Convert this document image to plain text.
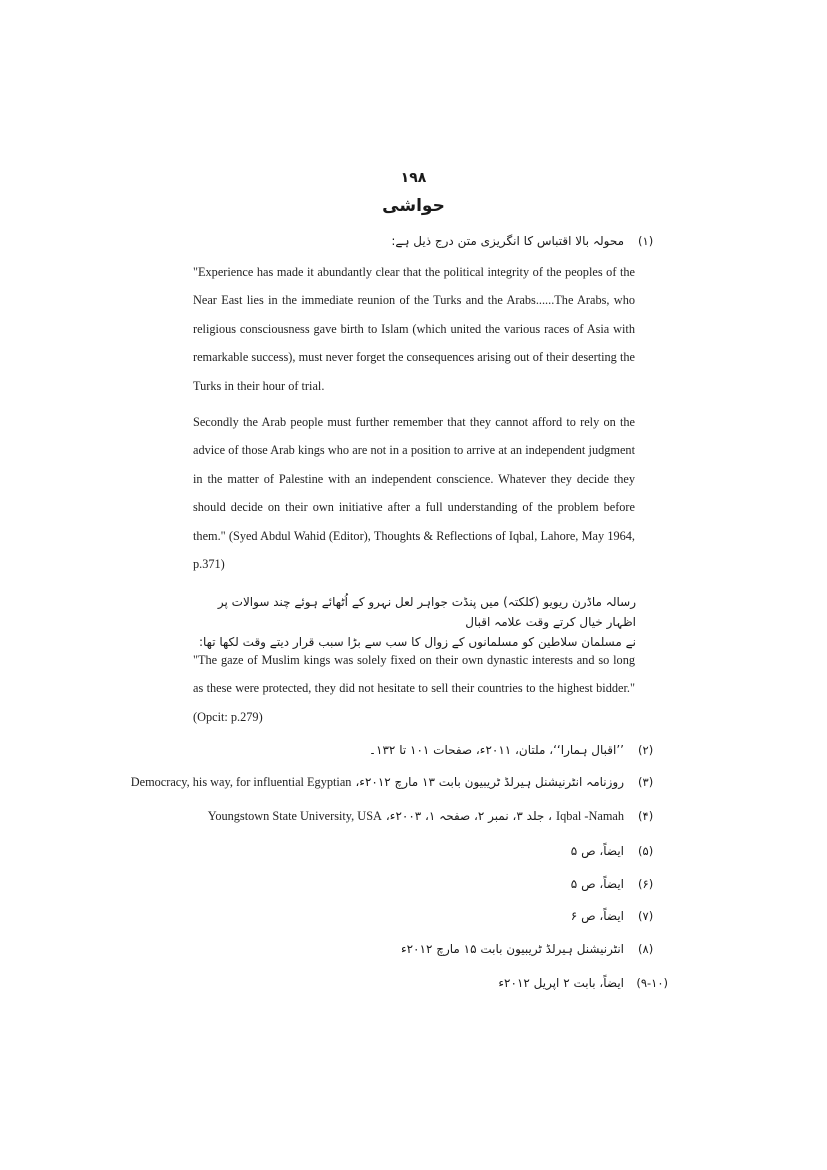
١٩٨
حواشی
(۱)
محولہ بالا اقتباس کا انگریزی متن درج ذیل ہے:

"Experience has made it abundantly clear that the political integrity of the peoples of the Near East lies in the immediate reunion of the Turks and the Arabs......The Arabs, who religious consciousness gave birth to Islam (which united the various races of Asia with remarkable success), must never forget the consequences arising out of their deserting the Turks in their hour of trial.

Secondly the Arab people must further remember that they cannot afford to rely on the advice of those Arab kings who are not in a position to arrive at an independent judgment in the matter of Palestine with an independent conscience. Whatever they decide they should decide on their own initiative after a full understanding of the problem before them." (Syed Abdul Wahid (Editor), Thoughts & Reflections of Iqbal, Lahore, May 1964, p.371)

رسالہ ماڈرن ریویو (کلکتہ) میں پنڈت جواہر لعل نہرو کے اُٹھائے ہوئے چند سوالات پر اظہار خیال کرتے وقت علامہ اقبال
نے مسلمان سلاطین کو مسلمانوں کے زوال کا سب سے بڑا سبب قرار دیتے وقت لکھا تھا:

"The gaze of Muslim kings was solely fixed on their own dynastic interests and so long as these were protected, they did not hesitate to sell their countries to the highest bidder."(Opcit: p.279)

(۲)
’’اقبال ہمارا‘‘، ملتان، ۲۰۱۱ء، صفحات ۱۰۱ تا ۱۳۲۔
(۳)
روزنامہ انٹرنیشنل ہیرلڈ ٹریبیون بابت ۱۳ مارچ ۲۰۱۲ء،
Democracy, his way, for influential Egyptian
(۴)
Iqbal -Namah
، جلد ۳، نمبر ۲، صفحہ ۱، ۲۰۰۳ء،
Youngstown State University, USA
(۵)
ایضاً، ص ۵
(۶)
ایضاً، ص ۵
(۷)
ایضاً، ص ۶
(۸)
انٹرنیشنل ہیرلڈ ٹریبیون بابت ۱۵ مارچ ۲۰۱۲ء
(۹-۱۰)
ایضاً، بابت ۲ اپریل ۲۰۱۲ء
